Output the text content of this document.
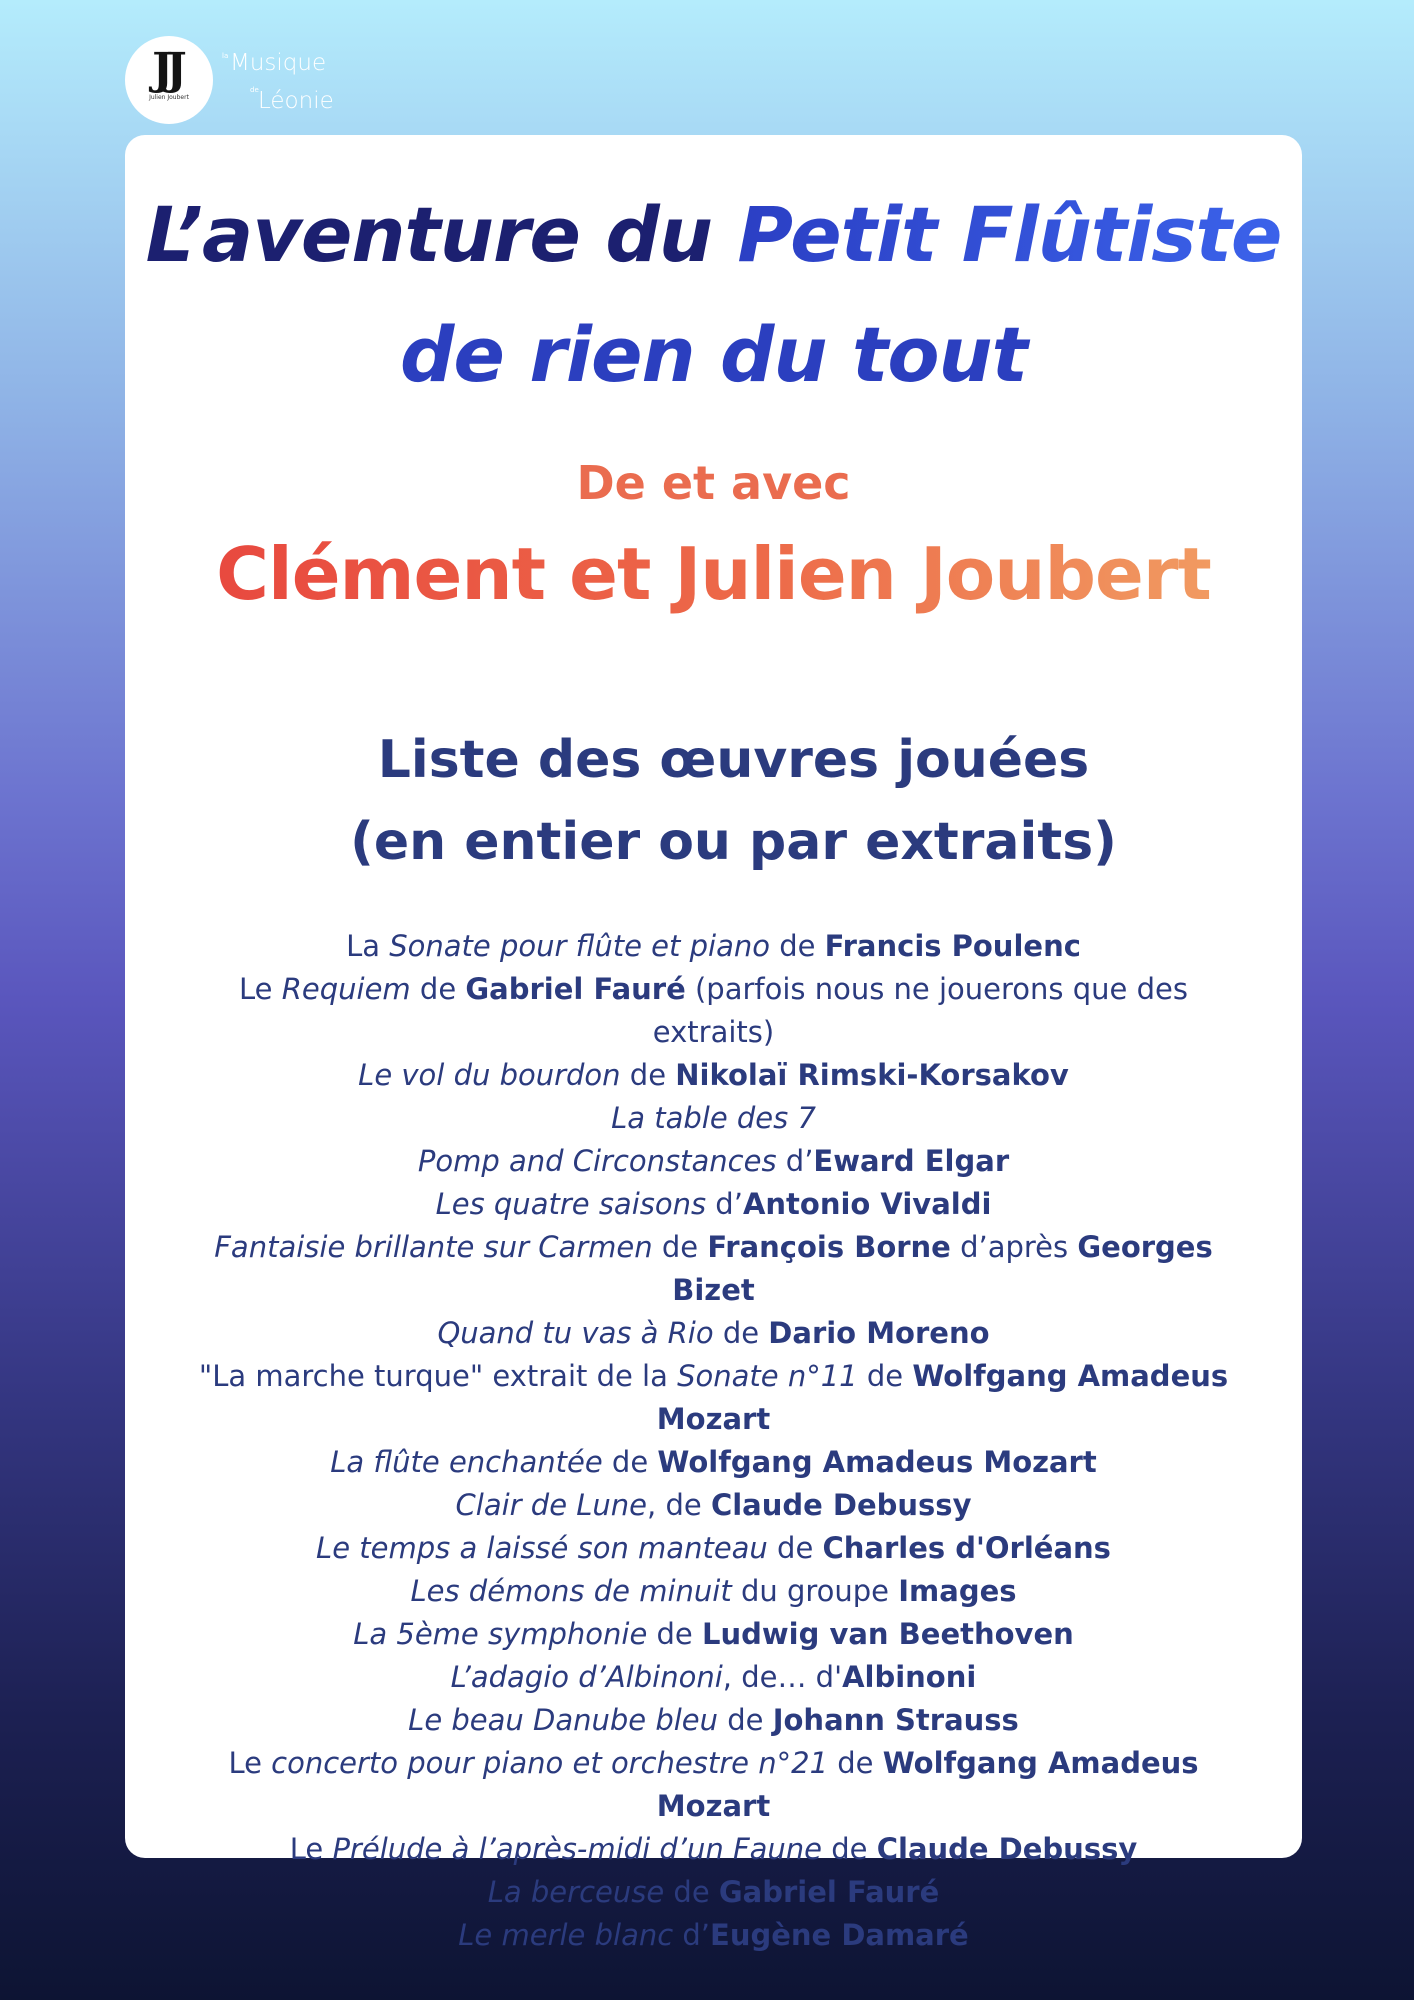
JJ
Julien Joubert
la Musique
de Léonie
L’aventure du Petit Flûtiste
de rien du tout
De et avec
Clément et Julien Joubert
Liste des œuvres jouées
(en entier ou par extraits)
La Sonate pour flûte et piano de Francis Poulenc
Le Requiem de Gabriel Fauré (parfois nous ne jouerons que des extraits)
Le vol du bourdon de Nikolaï Rimski-Korsakov
La table des 7
Pomp and Circonstances d’Eward Elgar
Les quatre saisons d’Antonio Vivaldi
Fantaisie brillante sur Carmen de François Borne d’après Georges Bizet
Quand tu vas à Rio de Dario Moreno
"La marche turque" extrait de la Sonate n°11 de Wolfgang Amadeus Mozart
La flûte enchantée de Wolfgang Amadeus Mozart
Clair de Lune, de Claude Debussy
Le temps a laissé son manteau de Charles d'Orléans
Les démons de minuit du groupe Images
La 5ème symphonie de Ludwig van Beethoven
L’adagio d’Albinoni, de… d'Albinoni
Le beau Danube bleu de Johann Strauss
Le concerto pour piano et orchestre n°21 de Wolfgang Amadeus Mozart
Le Prélude à l’après-midi d’un Faune de Claude Debussy
La berceuse de Gabriel Fauré
Le merle blanc d’Eugène Damaré
